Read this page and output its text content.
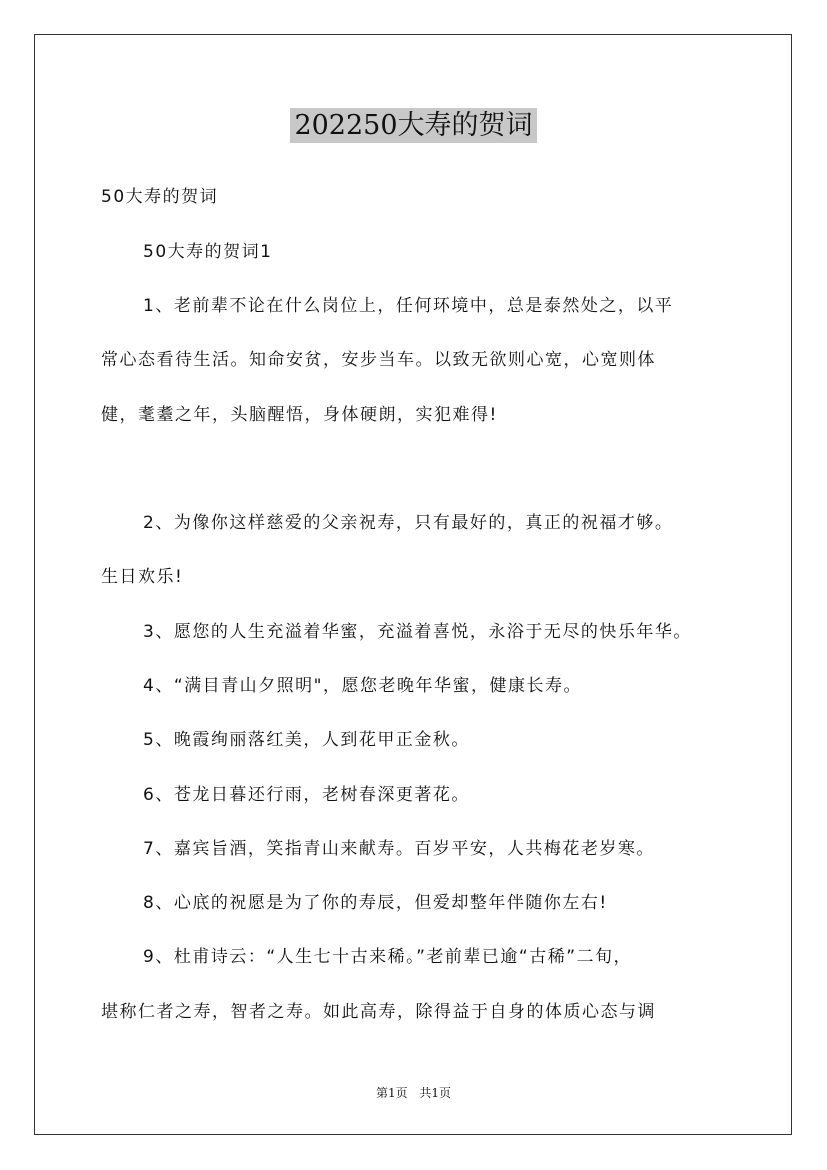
202250大寿的贺词
50大寿的贺词
50大寿的贺词1
1、老前辈不论在什么岗位上，任何环境中，总是泰然处之，以平
常心态看待生活。知命安贫，安步当车。以致无欲则心宽，心宽则体
健，耄耋之年，头脑醒悟，身体硬朗，实犯难得!
2、为像你这样慈爱的父亲祝寿，只有最好的，真正的祝福才够。
生日欢乐!
3、愿您的人生充溢着华蜜，充溢着喜悦，永浴于无尽的快乐年华。
4、“满目青山夕照明"，愿您老晚年华蜜，健康长寿。
5、晚霞绚丽落红美，人到花甲正金秋。
6、苍龙日暮还行雨，老树春深更著花。
7、嘉宾旨酒，笑指青山来献寿。百岁平安，人共梅花老岁寒。
8、心底的祝愿是为了你的寿辰，但爱却整年伴随你左右!
9、杜甫诗云：“人生七十古来稀。”老前辈已逾“古稀”二旬，
堪称仁者之寿，智者之寿。如此高寿，除得益于自身的体质心态与调
第1页 共1页
